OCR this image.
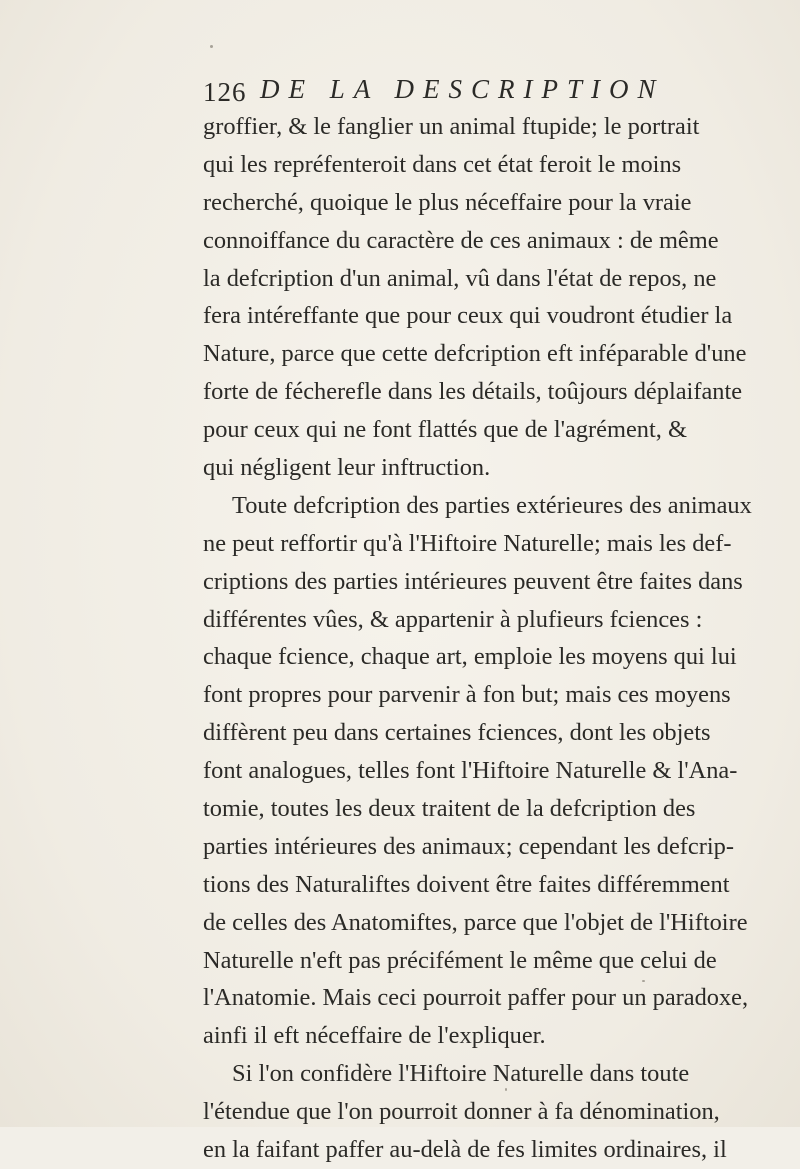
126 DE LA DESCRIPTION
groffier, & le fanglier un animal ftupide; le portrait
qui les repréfenteroit dans cet état feroit le moins
recherché, quoique le plus néceffaire pour la vraie
connoiffance du caractère de ces animaux : de même
la defcription d'un animal, vû dans l'état de repos, ne
fera intéreffante que pour ceux qui voudront étudier la
Nature, parce que cette defcription eft inféparable d'une
forte de fécherefle dans les détails, toûjours déplaifante
pour ceux qui ne font flattés que de l'agrément, &
qui négligent leur inftruction.
Toute defcription des parties extérieures des animaux
ne peut reffortir qu'à l'Hiftoire Naturelle; mais les def-
criptions des parties intérieures peuvent être faites dans
différentes vûes, & appartenir à plufieurs fciences :
chaque fcience, chaque art, emploie les moyens qui lui
font propres pour parvenir à fon but; mais ces moyens
diffèrent peu dans certaines fciences, dont les objets
font analogues, telles font l'Hiftoire Naturelle & l'Ana-
tomie, toutes les deux traitent de la defcription des
parties intérieures des animaux; cependant les defcrip-
tions des Naturaliftes doivent être faites différemment
de celles des Anatomiftes, parce que l'objet de l'Hiftoire
Naturelle n'eft pas précifément le même que celui de
l'Anatomie. Mais ceci pourroit paffer pour un paradoxe,
ainfi il eft néceffaire de l'expliquer.
Si l'on confidère l'Hiftoire Naturelle dans toute
l'étendue que l'on pourroit donner à fa dénomination,
en la faifant paffer au-delà de fes limites ordinaires, il
